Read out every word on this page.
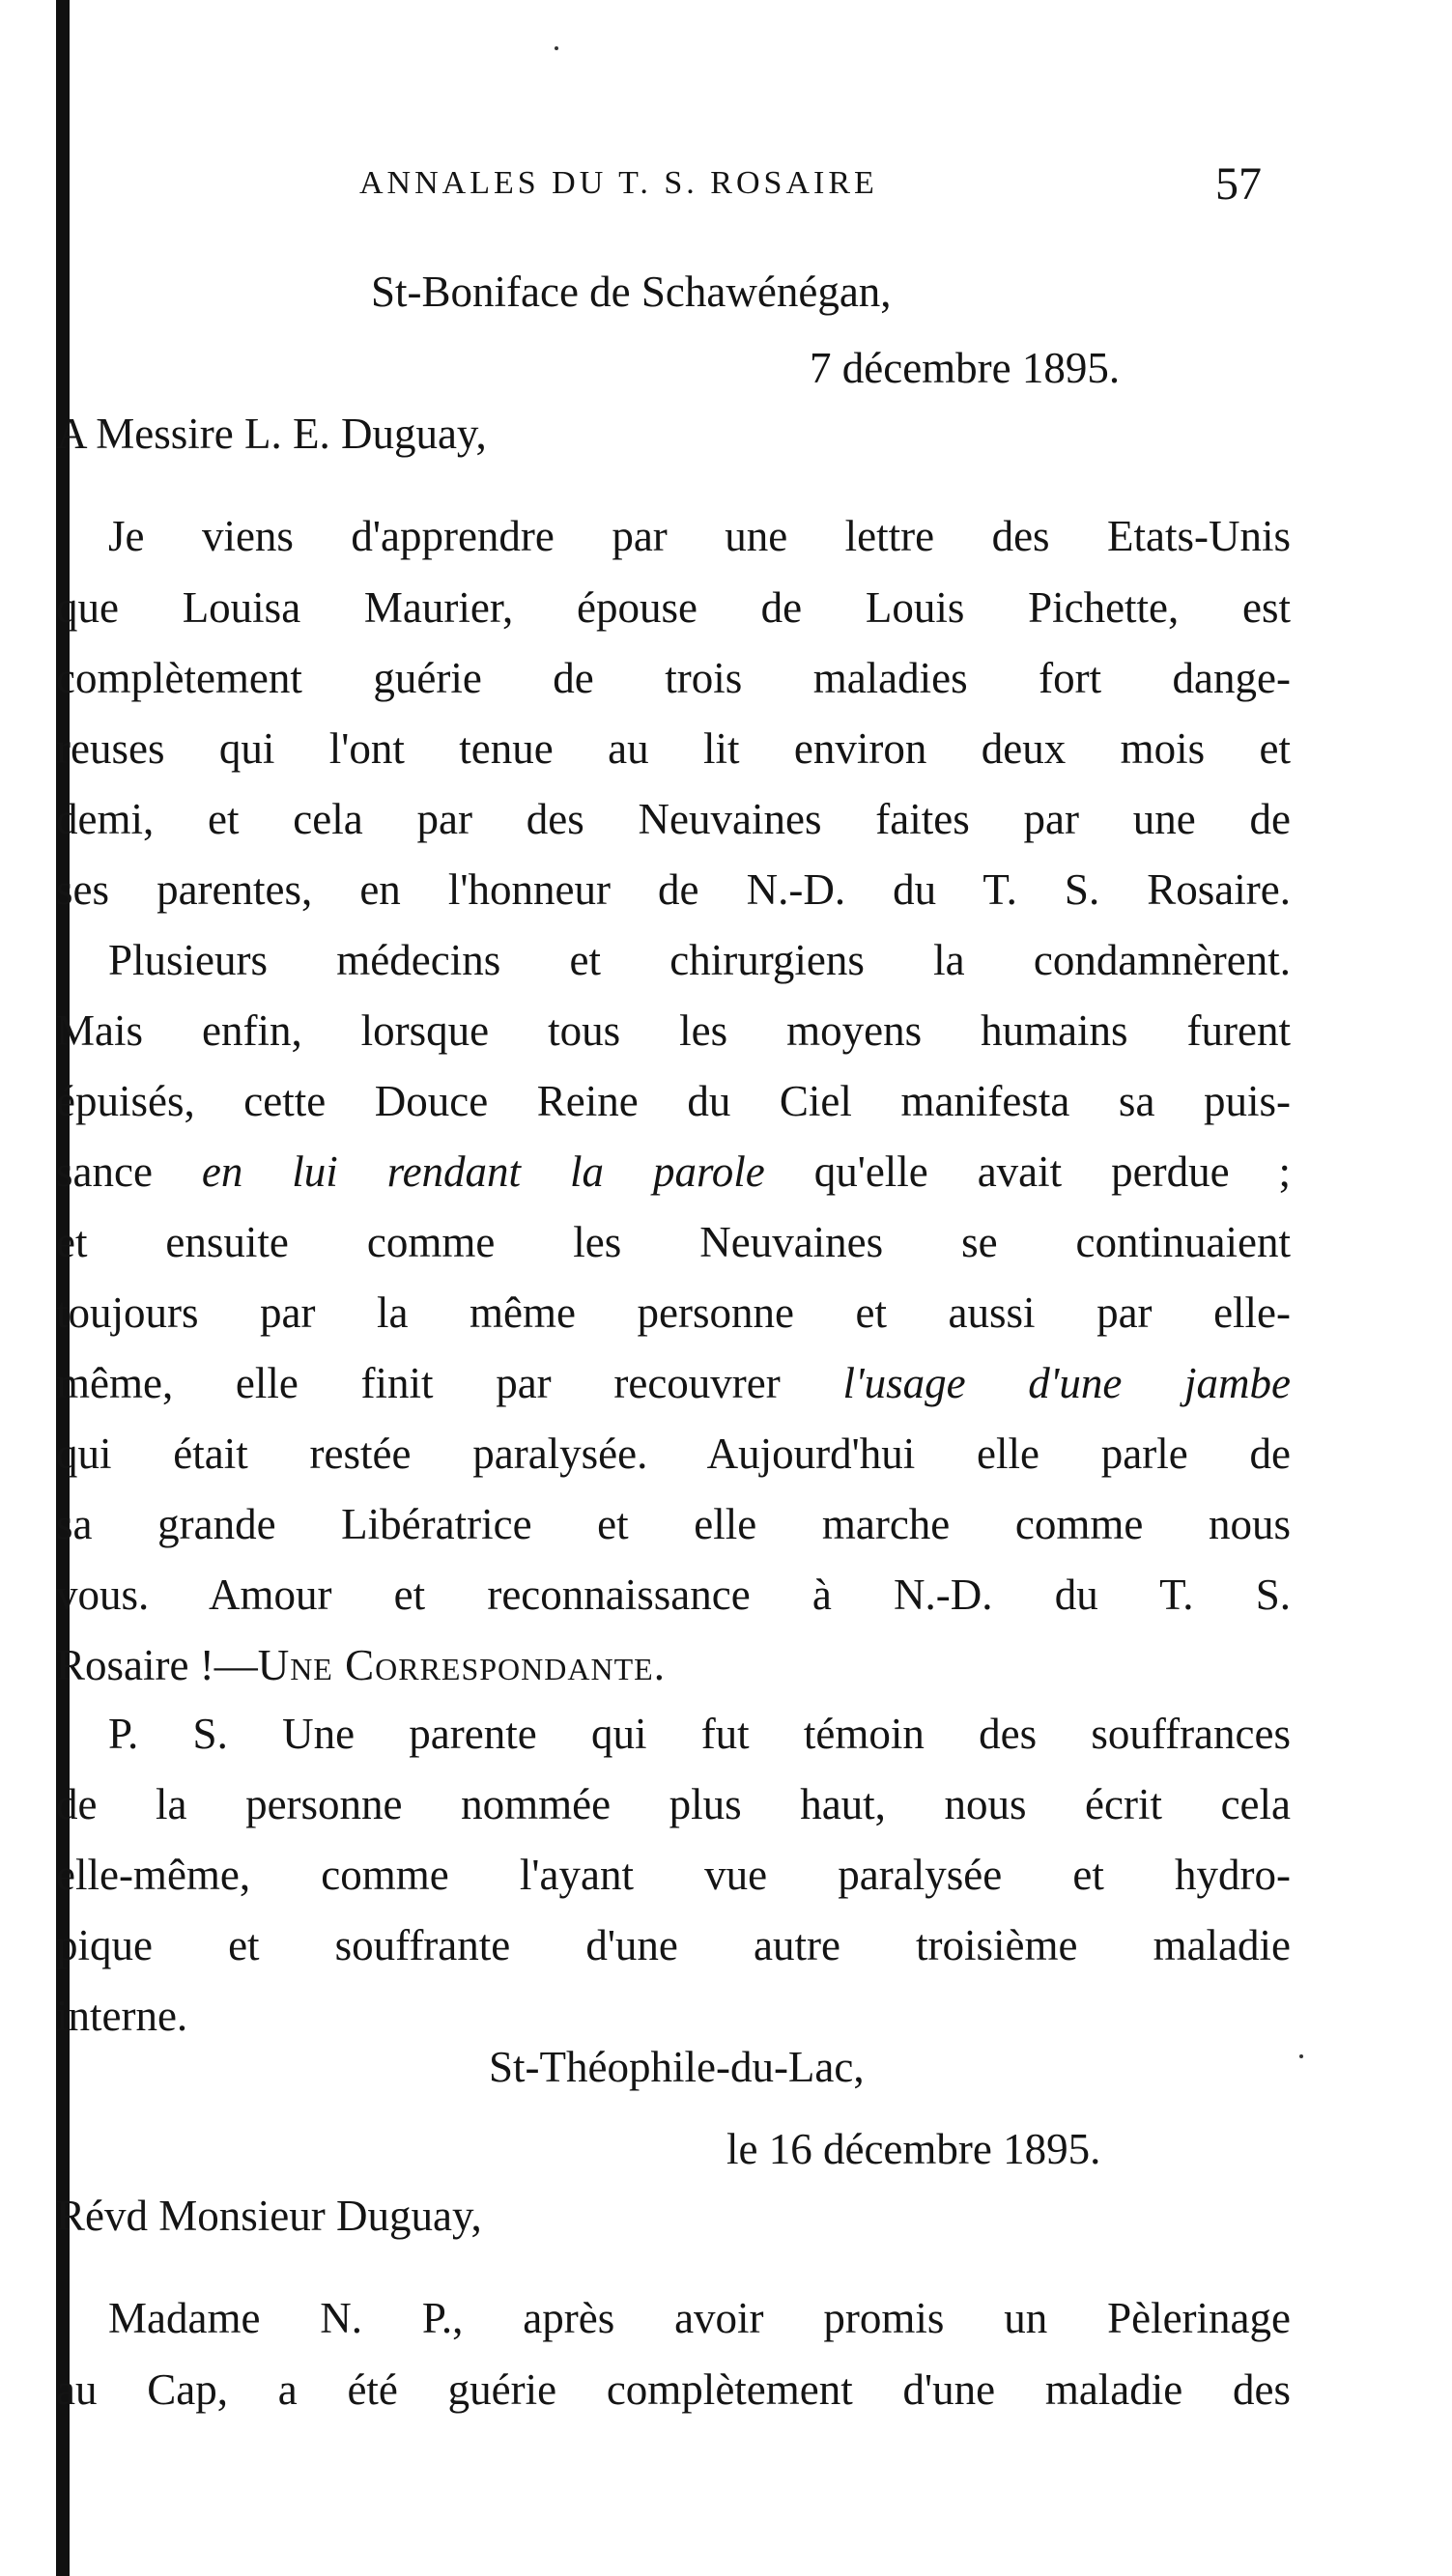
ANNALES DU T. S. ROSAIRE	57
St-Boniface de Schawénégan,
7 décembre 1895.
A Messire L. E. Duguay,
Je viens d'apprendre par une lettre des Etats-Unis
que Louisa Maurier, épouse de Louis Pichette, est
complètement guérie de trois maladies fort dange-
reuses qui l'ont tenue au lit environ deux mois et
demi, et cela par des Neuvaines faites par une de
ses parentes, en l'honneur de N.-D. du T. S. Rosaire.
Plusieurs médecins et chirurgiens la condamnèrent.
Mais enfin, lorsque tous les moyens humains furent
épuisés, cette Douce Reine du Ciel manifesta sa puis-
sance en lui rendant la parole qu'elle avait perdue ;
et ensuite comme les Neuvaines se continuaient
toujours par la même personne et aussi par elle-
même, elle finit par recouvrer l'usage d'une jambe
qui était restée paralysée. Aujourd'hui elle parle de
sa grande Libératrice et elle marche comme nous
vous. Amour et reconnaissance à N.-D. du T. S.
Rosaire !—Une Correspondante.
P. S. Une parente qui fut témoin des souffrances
de la personne nommée plus haut, nous écrit cela
elle-même, comme l'ayant vue paralysée et hydro-
pique et souffrante d'une autre troisième maladie
interne.
St-Théophile-du-Lac,
le 16 décembre 1895.
Révd Monsieur Duguay,
Madame N. P., après avoir promis un Pèlerinage
au Cap, a été guérie complètement d'une maladie des
